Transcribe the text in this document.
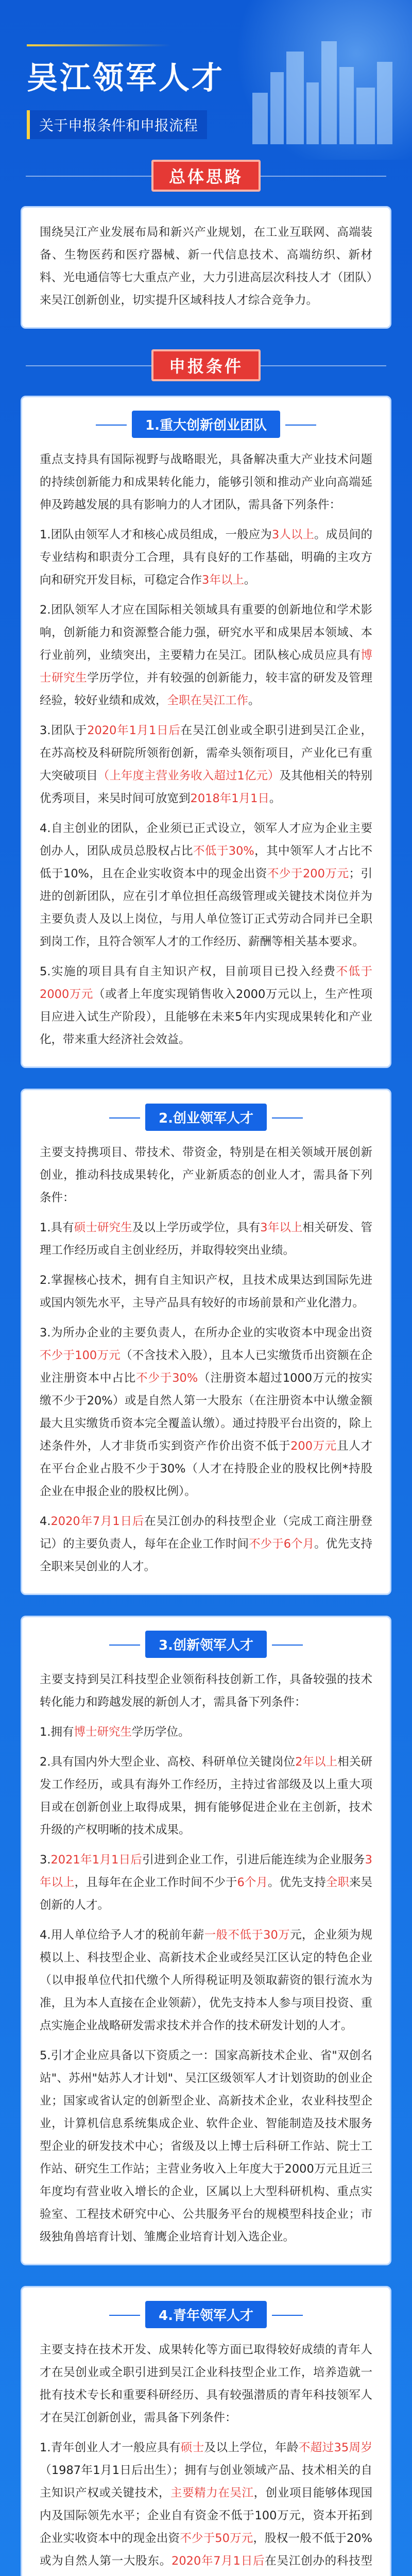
吴江领军人才
关于申报条件和申报流程
总体思路

围绕吴江产业发展布局和新兴产业规划，在工业互联网、高端装备、生物医药和医疗器械、新一代信息技术、高端纺织、新材料、光电通信等七大重点产业，大力引进高层次科技人才（团队）来吴江创新创业，切实提升区域科技人才综合竞争力。

申报条件
1.重大创新创业团队

重点支持具有国际视野与战略眼光，具备解决重大产业技术问题的持续创新能力和成果转化能力，能够引领和推动产业向高端延伸及跨越发展的具有影响力的人才团队，需具备下列条件：

1.团队由领军人才和核心成员组成，一般应为3人以上。成员间的专业结构和职责分工合理，具有良好的工作基础，明确的主攻方向和研究开发目标，可稳定合作3年以上。

2.团队领军人才应在国际相关领域具有重要的创新地位和学术影响，创新能力和资源整合能力强，研究水平和成果居本领域、本行业前列，业绩突出，主要精力在吴江。团队核心成员应具有博士研究生学历学位，并有较强的创新能力，较丰富的研发及管理经验，较好业绩和成效，全职在吴江工作。

3.团队于2020年1月1日后在吴江创业或全职引进到吴江企业，在苏高校及科研院所领衔创新，需牵头领衔项目，产业化已有重大突破项目（上年度主营业务收入超过1亿元）及其他相关的特别优秀项目，来吴时间可放宽到2018年1月1日。

4.自主创业的团队，企业须已正式设立，领军人才应为企业主要创办人，团队成员总股权占比不低于30%，其中领军人才占比不低于10%，且在企业实收资本中的现金出资不少于200万元；引进的创新团队，应在引才单位担任高级管理或关键技术岗位并为主要负责人及以上岗位，与用人单位签订正式劳动合同并已全职到岗工作，且符合领军人才的工作经历、薪酬等相关基本要求。

5.实施的项目具有自主知识产权，目前项目已投入经费不低于2000万元（或者上年度实现销售收入2000万元以上，生产性项目应进入试生产阶段），且能够在未来5年内实现成果转化和产业化，带来重大经济社会效益。

2.创业领军人才

主要支持携项目、带技术、带资金，特别是在相关领域开展创新创业，推动科技成果转化，产业新质态的创业人才，需具备下列条件：

1.具有硕士研究生及以上学历或学位，具有3年以上相关研发、管理工作经历或自主创业经历，并取得较突出业绩。

2.掌握核心技术，拥有自主知识产权，且技术成果达到国际先进或国内领先水平，主导产品具有较好的市场前景和产业化潜力。

3.为所办企业的主要负责人，在所办企业的实收资本中现金出资不少于100万元（不含技术入股），且本人已实缴货币出资额在企业注册资本中占比不少于30%（注册资本超过1000万元的按实缴不少于20%）或是自然人第一大股东（在注册资本中认缴金额最大且实缴货币资本完全覆盖认缴）。通过持股平台出资的，除上述条件外，人才非货币实到资产作价出资不低于200万元且人才在平台企业占股不少于30%（人才在持股企业的股权比例*持股企业在申报企业的股权比例）。

4.2020年7月1日后在吴江创办的科技型企业（完成工商注册登记）的主要负责人，每年在企业工作时间不少于6个月。优先支持全职来吴创业的人才。

3.创新领军人才

主要支持到吴江科技型企业领衔科技创新工作，具备较强的技术转化能力和跨越发展的新创人才，需具备下列条件：

1.拥有博士研究生学历学位。

2.具有国内外大型企业、高校、科研单位关键岗位2年以上相关研发工作经历，或具有海外工作经历，主持过省部级及以上重大项目或在创新创业上取得成果，拥有能够促进企业在主创新，技术升级的产权明晰的技术成果。

3.2021年1月1日后引进到企业工作，引进后能连续为企业服务3年以上，且每年在企业工作时间不少于6个月。优先支持全职来吴创新的人才。

4.用人单位给予人才的税前年薪一般不低于30万元，企业须为规模以上、科技型企业、高新技术企业或经吴江区认定的特色企业（以申报单位代扣代缴个人所得税证明及领取薪资的银行流水为准，且为本人直接在企业领薪），优先支持本人参与项目投资、重点实施企业战略研发需求技术并合作的技术研发计划的人才。

5.引才企业应具备以下资质之一：国家高新技术企业、省"双创名站"、苏州"姑苏人才计划"、吴江区级领军人才计划资助的创业企业；国家或省认定的创新型企业、高新技术企业，农业科技型企业，计算机信息系统集成企业、软件企业、智能制造及技术服务型企业的研发技术中心；省级及以上博士后科研工作站、院士工作站、研究生工作站；主营业务收入上年度大于2000万元且近三年度均有营业收入增长的企业，区属以上大型科研机构、重点实验室、工程技术研究中心、公共服务平台的规模型科技企业；市级独角兽培育计划、雏鹰企业培育计划入选企业。

4.青年领军人才

主要支持在技术开发、成果转化等方面已取得较好成绩的青年人才在吴创业或全职引进到吴江企业科技型企业工作，培养造就一批有技术专长和重要科研经历、具有较强潜质的青年科技领军人才在吴江创新创业，需具备下列条件：

1.青年创业人才一般应具有硕士及以上学位，年龄不超过35周岁（1987年1月1日后出生）；拥有与创业领域产品、技术相关的自主知识产权或关键技术，主要精力在吴江，创业项目能够体现国内及国际领先水平；企业自有资金不低于100万元，资本开拓到企业实收资本中的现金出资不少于50万元，股权一般不低于20%或为自然人第一大股东。2020年7月1日后在吴江创办的科技型
